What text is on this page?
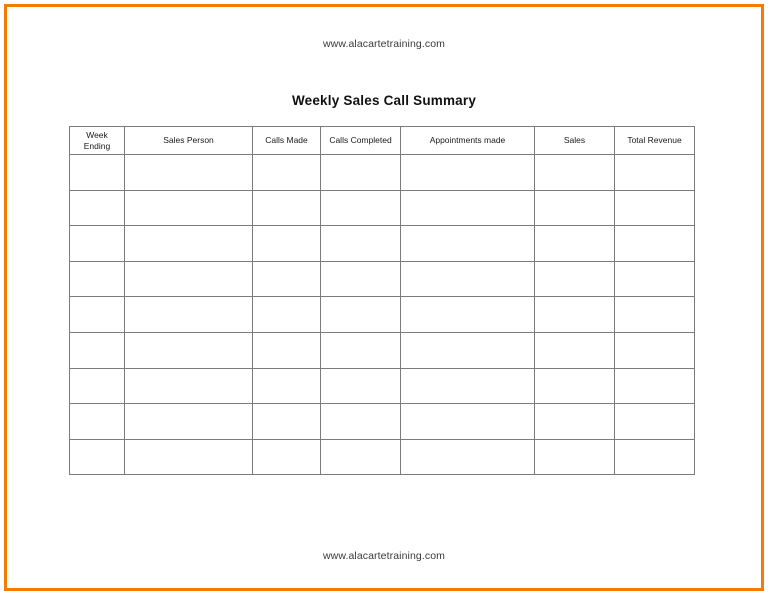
www.alacartetraining.com
Weekly Sales Call Summary
Week
Ending	Sales Person	Calls Made	Calls Completed	Appointments made	Sales	Total Revenue

www.alacartetraining.com
